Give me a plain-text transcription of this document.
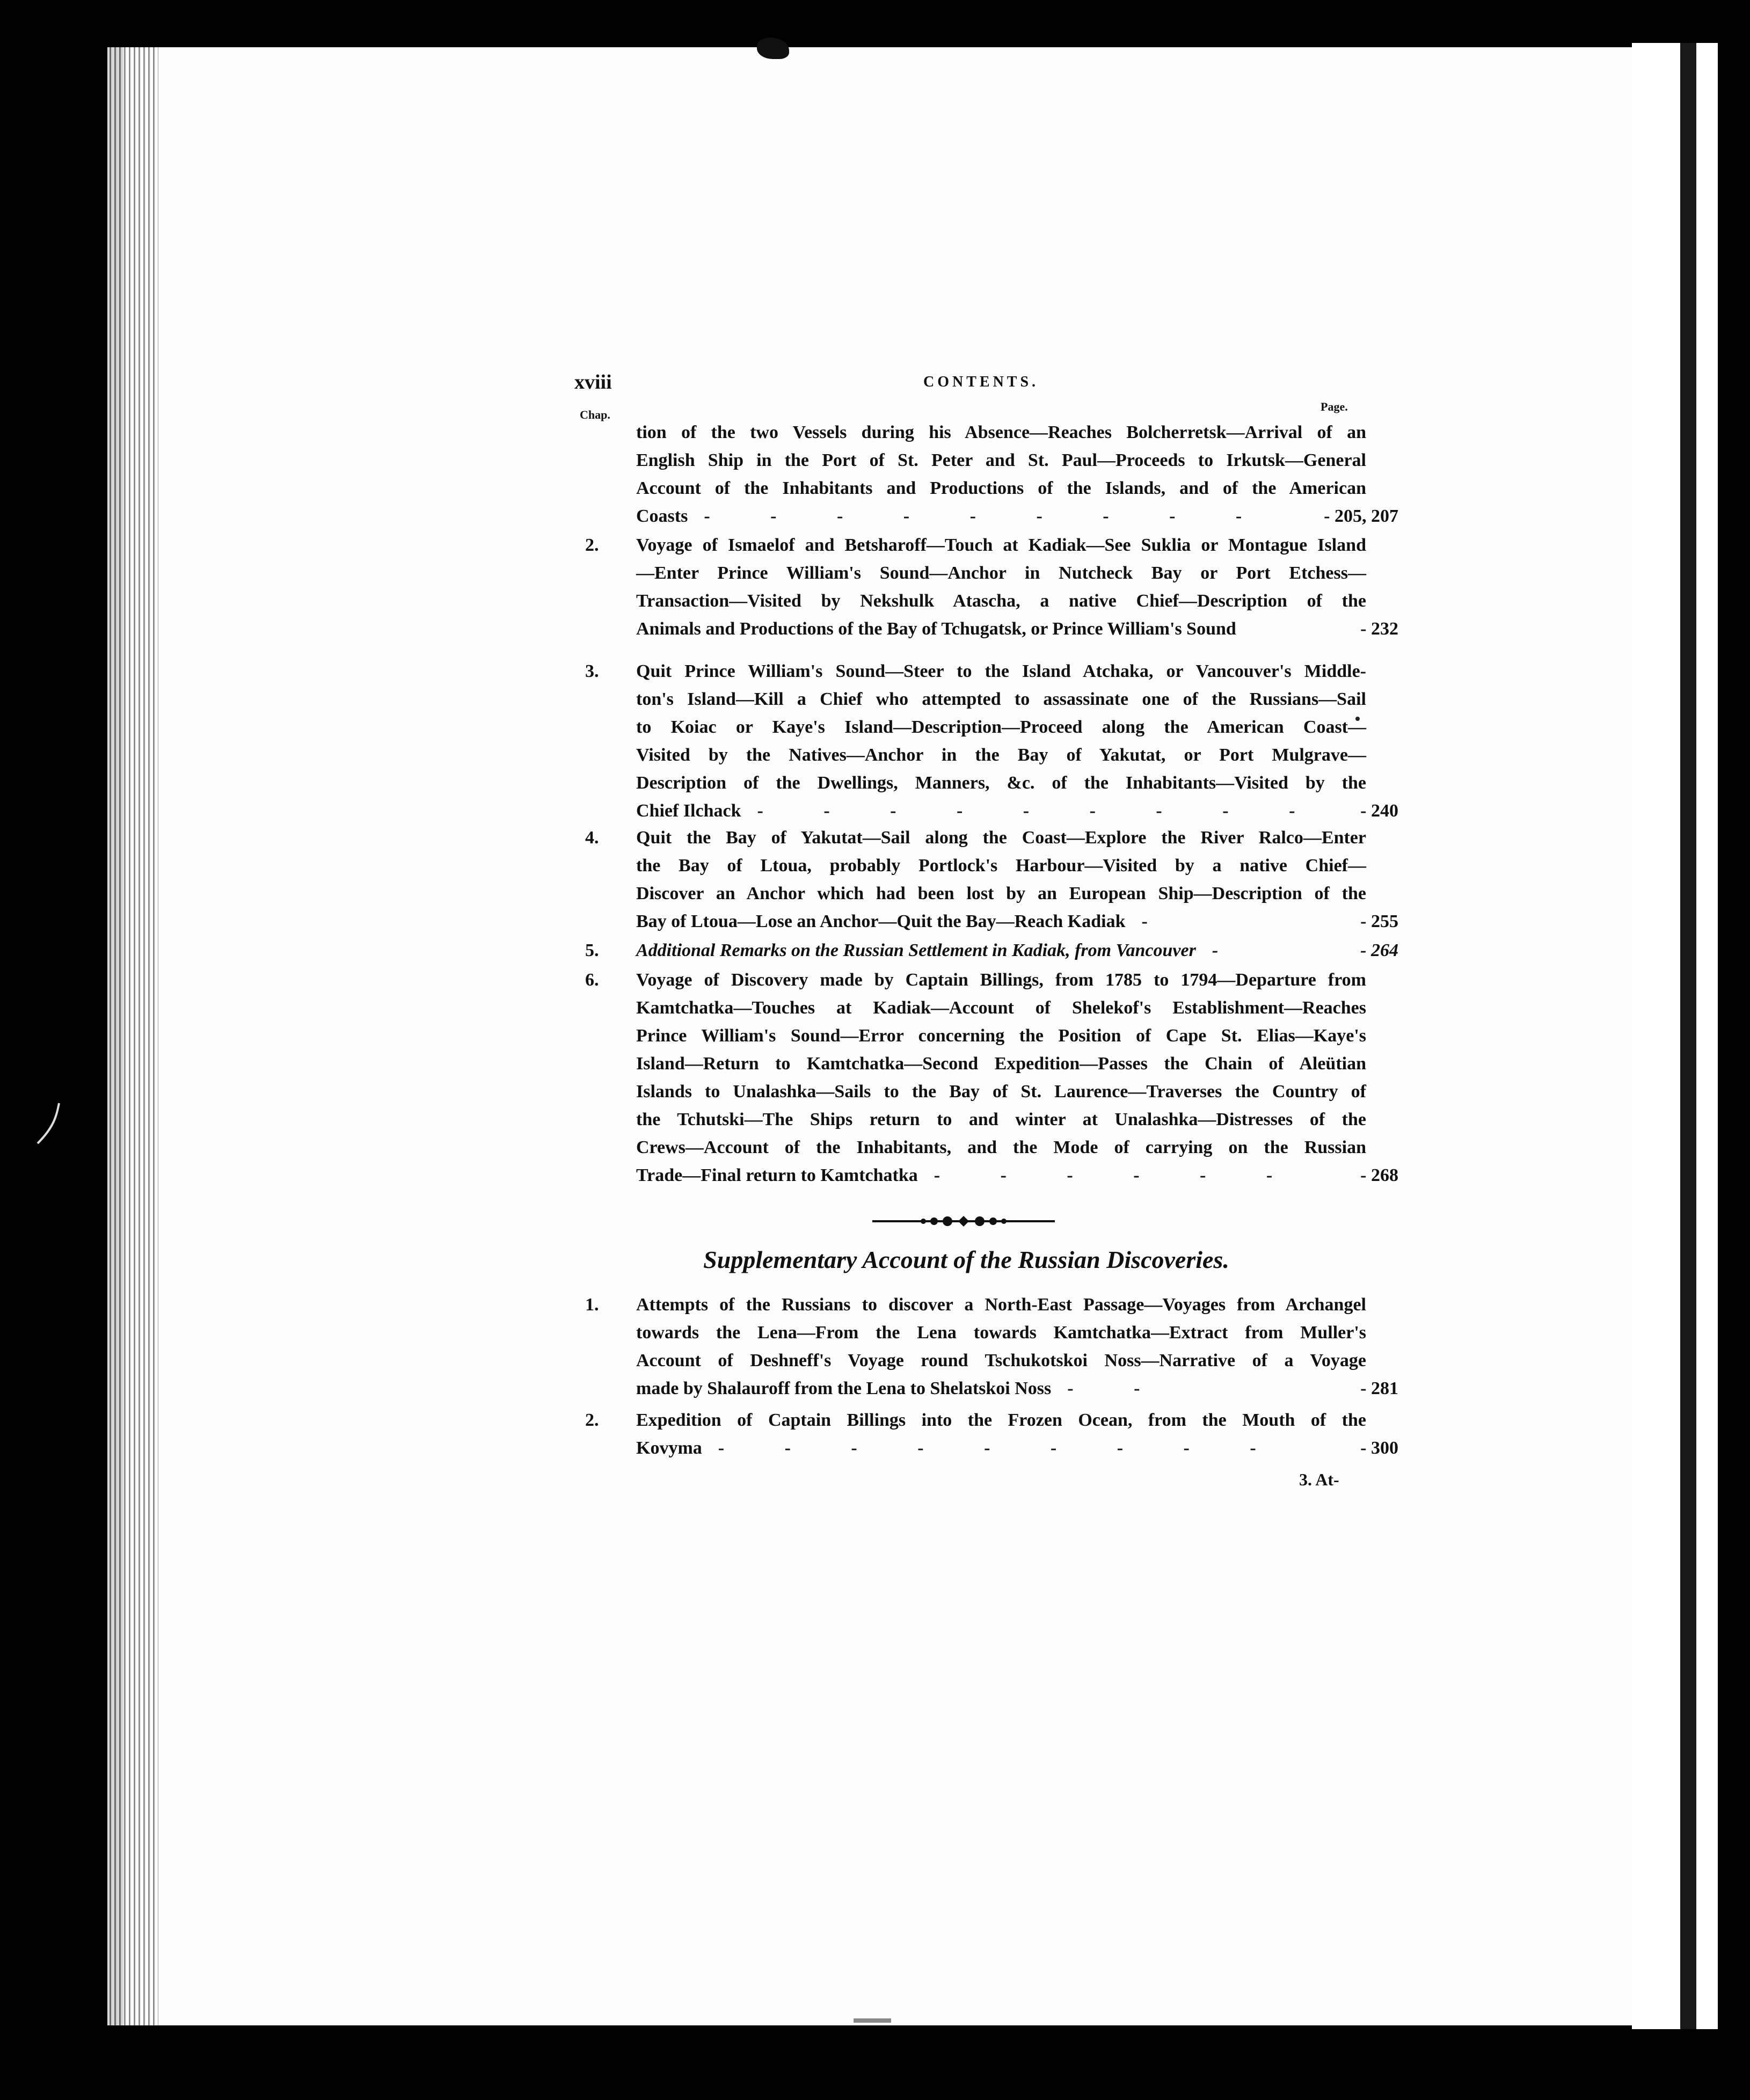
xviii	CONTENTS.
Chap.
Page.
tion of the two Vessels during his Absence—Reaches Bolcherretsk—Arrival of an
English Ship in the Port of St. Peter and St. Paul—Proceeds to Irkutsk—General
Account of the Inhabitants and Productions of the Islands, and of the American
Coasts - - - - - - - - -	- 205, 207
2.	Voyage of Ismaelof and Betsharoff—Touch at Kadiak—See Suklia or Montague Island
—Enter Prince William's Sound—Anchor in Nutcheck Bay or Port Etchess—
Transaction—Visited by Nekshulk Atascha, a native Chief—Description of the
Animals and Productions of the Bay of Tchugatsk, or Prince William's Sound	- 232
3.	Quit Prince William's Sound—Steer to the Island Atchaka, or Vancouver's Middle-
ton's Island—Kill a Chief who attempted to assassinate one of the Russians—Sail
to Koiac or Kaye's Island—Description—Proceed along the American Coast—
Visited by the Natives—Anchor in the Bay of Yakutat, or Port Mulgrave—
Description of the Dwellings, Manners, &c. of the Inhabitants—Visited by the
Chief Ilchack - - - - - - - - - - 240
4.	Quit the Bay of Yakutat—Sail along the Coast—Explore the River Ralco—Enter
the Bay of Ltoua, probably Portlock's Harbour—Visited by a native Chief—
Discover an Anchor which had been lost by an European Ship—Description of the
Bay of Ltoua—Lose an Anchor—Quit the Bay—Reach Kadiak -	- 255
5.	Additional Remarks on the Russian Settlement in Kadiak, from Vancouver -	- 264
6.	Voyage of Discovery made by Captain Billings, from 1785 to 1794—Departure from
Kamtchatka—Touches at Kadiak—Account of Shelekof's Establishment—Reaches
Prince William's Sound—Error concerning the Position of Cape St. Elias—Kaye's
Island—Return to Kamtchatka—Second Expedition—Passes the Chain of Aleütian
Islands to Unalashka—Sails to the Bay of St. Laurence—Traverses the Country of
the Tchutski—The Ships return to and winter at Unalashka—Distresses of the
Crews—Account of the Inhabitants, and the Mode of carrying on the Russian
Trade—Final return to Kamtchatka - - - - - -	- 268
Supplementary Account of the Russian Discoveries.
1.	Attempts of the Russians to discover a North-East Passage—Voyages from Archangel
towards the Lena—From the Lena towards Kamtchatka—Extract from Muller's
Account of Deshneff's Voyage round Tschukotskoi Noss—Narrative of a Voyage
made by Shalauroff from the Lena to Shelatskoi Noss - -	- 281
2.	Expedition of Captain Billings into the Frozen Ocean, from the Mouth of the
Kovyma - - - - - - - - -	- 300
3. At-
